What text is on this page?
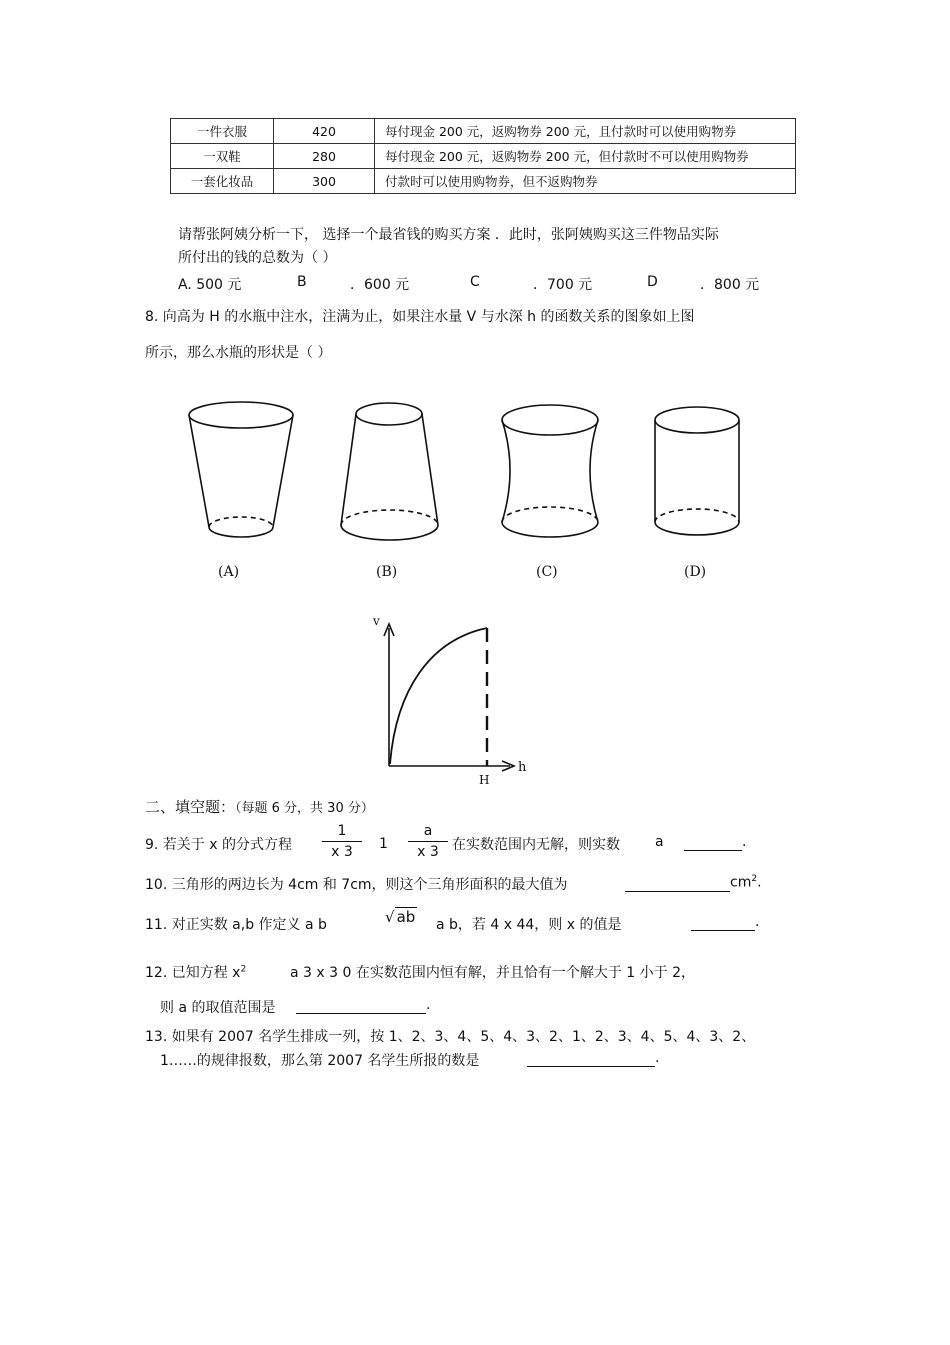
一件衣服	420	每付现金 200 元，返购物券 200 元，且付款时可以使用购物券
一双鞋	280	每付现金 200 元，返购物券 200 元，但付款时不可以使用购物券
一套化妆品	300	付款时可以使用购物券，但不返购物券
请帮张阿姨分析一下， 选择一个最省钱的购买方案 ．此时，张阿姨购买这三件物品实际
所付出的钱的总数为（ ）
A. 500 元	B	．600 元	C	．700 元	D	．800 元
8. 向高为 H 的水瓶中注水，注满为止，如果注水量 V 与水深 h 的函数关系的图象如上图
所示，那么水瓶的形状是（ ）
(A)	(B)	(C)	(D)
v
h
H
二、填空题：（每题 6 分，共 30 分）
9. 若关于 x 的分式方程
1
x 3	1
a
x 3 在实数范围内无解，则实数	a	.
10. 三角形的两边长为 4cm 和 7cm，则这个三角形面积的最大值为	$cm^2$.
11. 对正实数 a,b 作定义 a b	√ ab a b，若 4 x 44，则 x 的值是	.
12. 已知方程 $x^2$	a 3 x 3 0 在实数范围内恒有解，并且恰有一个解大于 1 小于 2，
则 a 的取值范围是	.
13. 如果有 2007 名学生排成一列，按 1、2、3、4、5、4、3、2、1、2、3、4、5、4、3、2、
1……的规律报数，那么第 2007 名学生所报的数是	.
